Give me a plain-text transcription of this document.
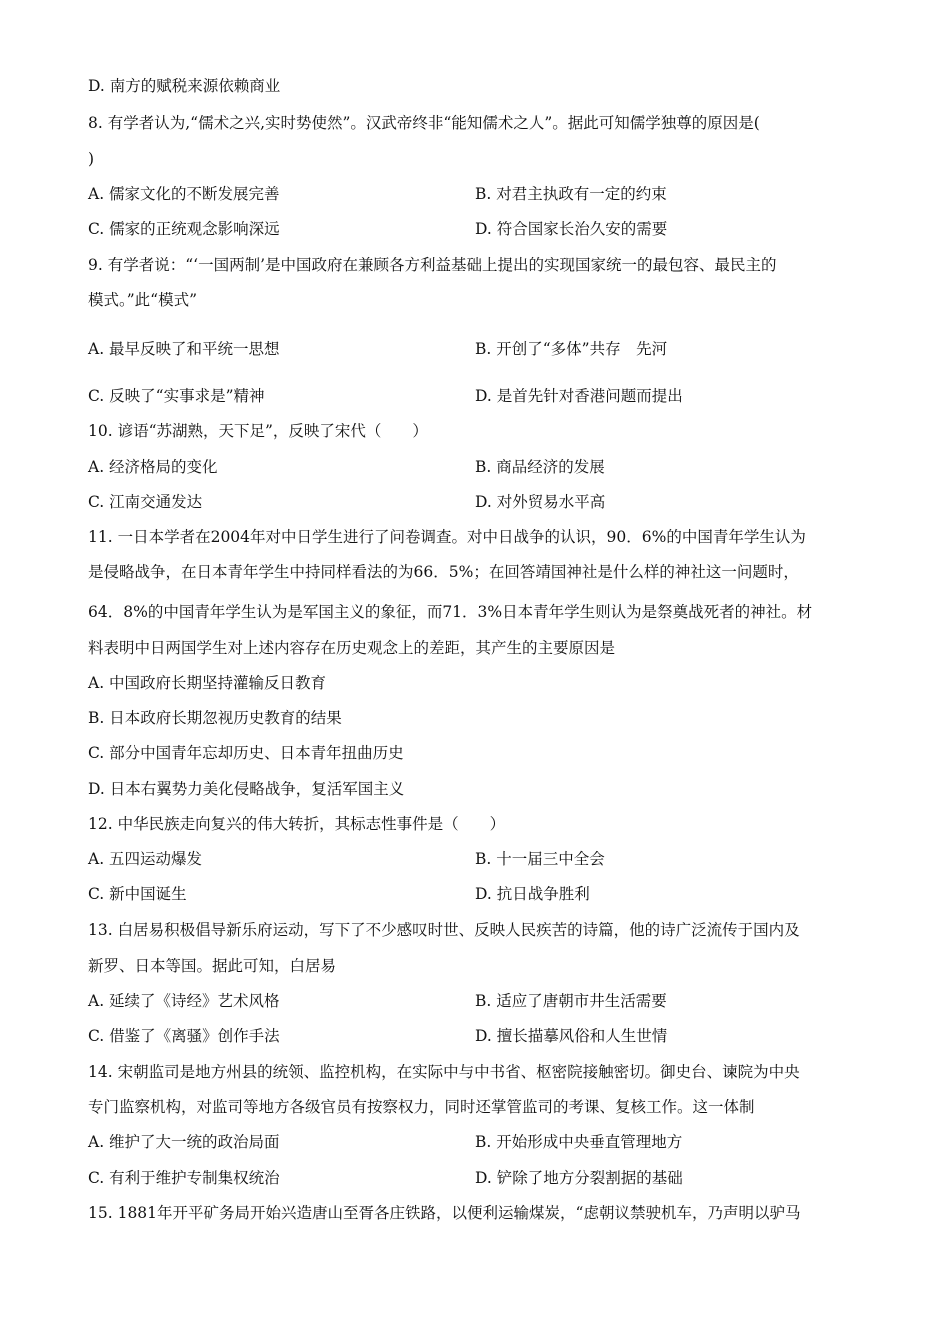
D. 南方的赋税来源依赖商业
8. 有学者认为,“儒术之兴,实时势使然”。汉武帝终非“能知儒术之人”。据此可知儒学独尊的原因是(
)
A. 儒家文化的不断发展完善	B. 对君主执政有一定的约束
C. 儒家的正统观念影响深远	D. 符合国家长治久安的需要
9. 有学者说：“‘一国两制’是中国政府在兼顾各方利益基础上提出的实现国家统一的最包容、最民主的
模式。”此“模式”
A. 最早反映了和平统一思想	B. 开创了“多体”共存　先河
C. 反映了“实事求是”精神	D. 是首先针对香港问题而提出
10. 谚语“苏湖熟，天下足”，反映了宋代（　　）
A. 经济格局的变化	B. 商品经济的发展
C. 江南交通发达	D. 对外贸易水平高
11. 一日本学者在2004年对中日学生进行了问卷调查。对中日战争的认识，90．6%的中国青年学生认为
是侵略战争，在日本青年学生中持同样看法的为66．5%；在回答靖国神社是什么样的神社这一问题时，
64．8%的中国青年学生认为是军国主义的象征，而71．3%日本青年学生则认为是祭奠战死者的神社。材
料表明中日两国学生对上述内容存在历史观念上的差距，其产生的主要原因是
A. 中国政府长期坚持灌输反日教育
B. 日本政府长期忽视历史教育的结果
C. 部分中国青年忘却历史、日本青年扭曲历史
D. 日本右翼势力美化侵略战争，复活军国主义
12. 中华民族走向复兴的伟大转折，其标志性事件是（　　）
A. 五四运动爆发	B. 十一届三中全会
C. 新中国诞生	D. 抗日战争胜利
13. 白居易积极倡导新乐府运动，写下了不少感叹时世、反映人民疾苦的诗篇，他的诗广泛流传于国内及
新罗、日本等国。据此可知，白居易
A. 延续了《诗经》艺术风格	B. 适应了唐朝市井生活需要
C. 借鉴了《离骚》创作手法	D. 擅长描摹风俗和人生世情
14. 宋朝监司是地方州县的统领、监控机构，在实际中与中书省、枢密院接触密切。御史台、谏院为中央
专门监察机构，对监司等地方各级官员有按察权力，同时还掌管监司的考课、复核工作。这一体制
A. 维护了大一统的政治局面	B. 开始形成中央垂直管理地方
C. 有利于维护专制集权统治	D. 铲除了地方分裂割据的基础
15. 1881年开平矿务局开始兴造唐山至胥各庄铁路，以便利运输煤炭，“虑朝议禁驶机车，乃声明以驴马
